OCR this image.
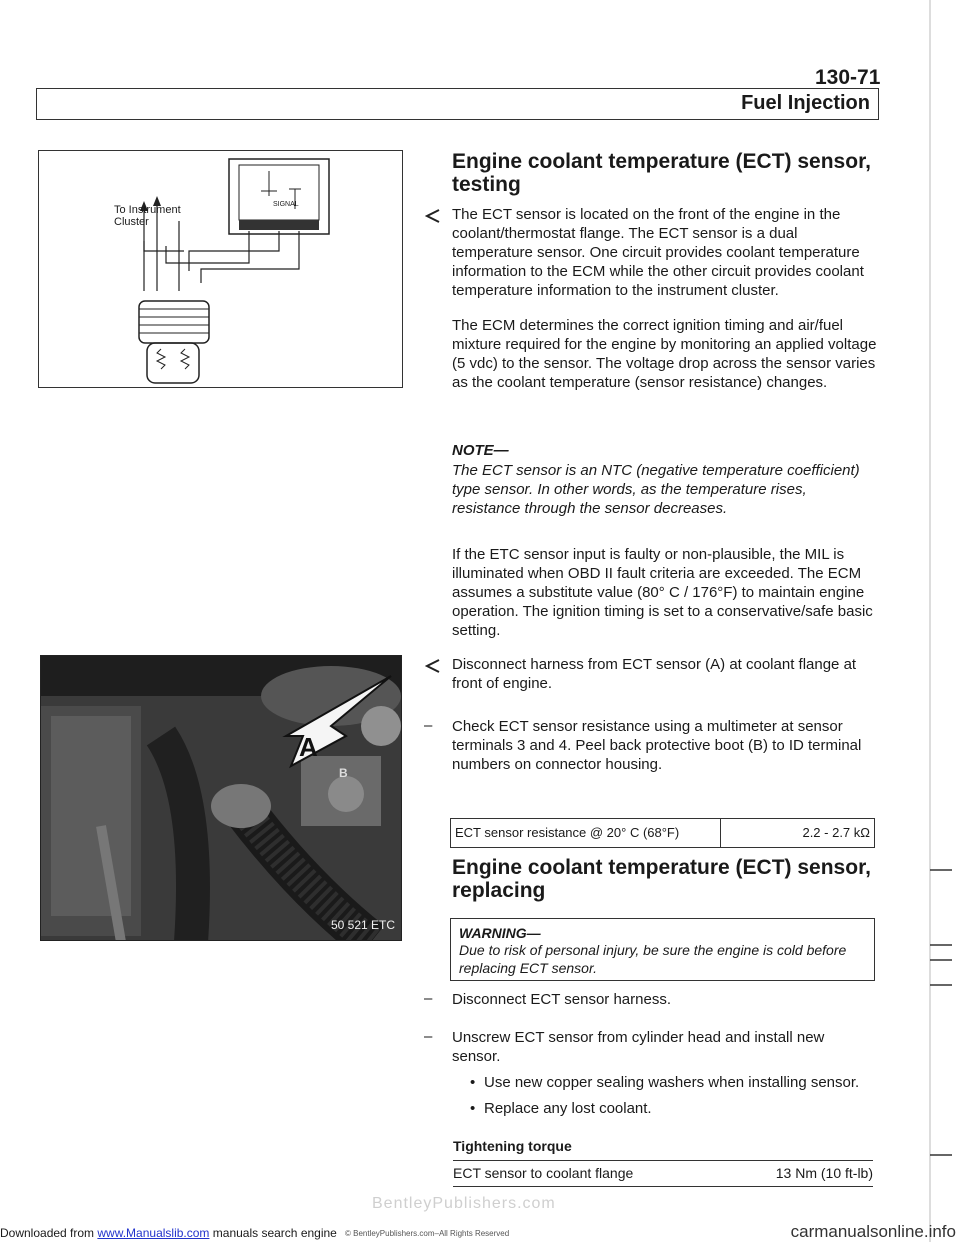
130-71
Fuel Injection
To Instrument
Cluster
SIGNAL
A
B
50 521 ETC
Engine coolant temperature (ECT) sensor,
testing
The ECT sensor is located on the front of the engine in the coolant/thermostat flange. The ECT sensor is a dual temperature sensor. One circuit provides coolant temperature information to the ECM while the other circuit provides coolant temperature information to the instrument cluster.
The ECM determines the correct ignition timing and air/fuel mixture required for the engine by monitoring an applied voltage (5 vdc) to the sensor. The voltage drop across the sensor varies as the coolant temperature (sensor resistance) changes.
NOTE—
The ECT sensor is an NTC (negative temperature coefficient) type sensor. In other words, as the temperature rises, resistance through the sensor decreases.
If the ETC sensor input is faulty or non-plausible, the MIL is illuminated when OBD II fault criteria are exceeded. The ECM assumes a substitute value (80° C / 176°F) to maintain engine operation. The ignition timing is set to a conservative/safe basic setting.
Disconnect harness from ECT sensor (A) at coolant flange at front of engine.
– Check ECT sensor resistance using a multimeter at sensor terminals 3 and 4. Peel back protective boot (B) to ID terminal numbers on connector housing.
ECT sensor resistance @ 20° C (68°F)	2.2 - 2.7 kΩ
Engine coolant temperature (ECT) sensor,
replacing
WARNING—
Due to risk of personal injury, be sure the engine is cold before replacing ECT sensor.
– Disconnect ECT sensor harness.
– Unscrew ECT sensor from cylinder head and install new sensor.
• Use new copper sealing washers when installing sensor.
• Replace any lost coolant.
Tightening torque
ECT sensor to coolant flange	13 Nm (10 ft-lb)
BentleyPublishers.com
Downloaded from www.Manualslib.com manuals search engine © BentleyPublishers.com–All Rights Reserved	carmanualsonline.info
